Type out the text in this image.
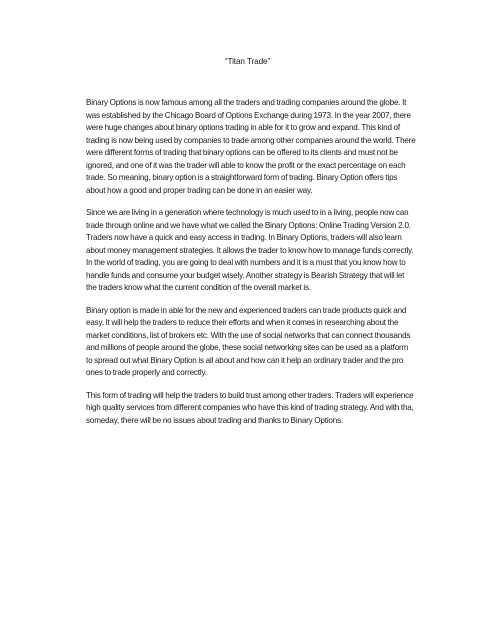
“Titan Trade”

Binary Options is now famous among all the traders and trading companies around the globe. It was established by the Chicago Board of Options Exchange during 1973. In the year 2007, there were huge changes about binary options trading in able for it to grow and expand. This kind of trading is now being used by companies to trade among other companies around the world. There were different forms of trading that binary options can be offered to its clients and must not be ignored, and one of it was the trader will able to know the profit or the exact percentage on each trade. So meaning, binary option is a straightforward form of trading. Binary Option offers tips about how a good and proper trading can be done in an easier way.

Since we are living in a generation where technology is much used to in a living, people now can trade through online and we have what we called the Binary Options: Online Trading Version 2.0. Traders now have a quick and easy access in trading. In Binary Options, traders will also learn about money management strategies. It allows the trader to know how to manage funds correctly. In the world of trading, you are going to deal with numbers and it is a must that you know how to handle funds and consume your budget wisely. Another strategy is Bearish Strategy that will let the traders know what the current condition of the overall market is.

Binary option is made in able for the new and experienced traders can trade products quick and easy. It will help the traders to reduce their efforts and when it comes in researching about the market conditions, list of brokers etc. With the use of social networks that can connect thousands and millions of people around the globe, these social networking sites can be used as a platform to spread out what Binary Option is all about and how can it help an ordinary trader and the pro ones to trade properly and correctly.

This form of trading will help the traders to build trust among other traders. Traders will experience high quality services from different companies who have this kind of trading strategy. And with tha, someday, there will be no issues about trading and thanks to Binary Options.
